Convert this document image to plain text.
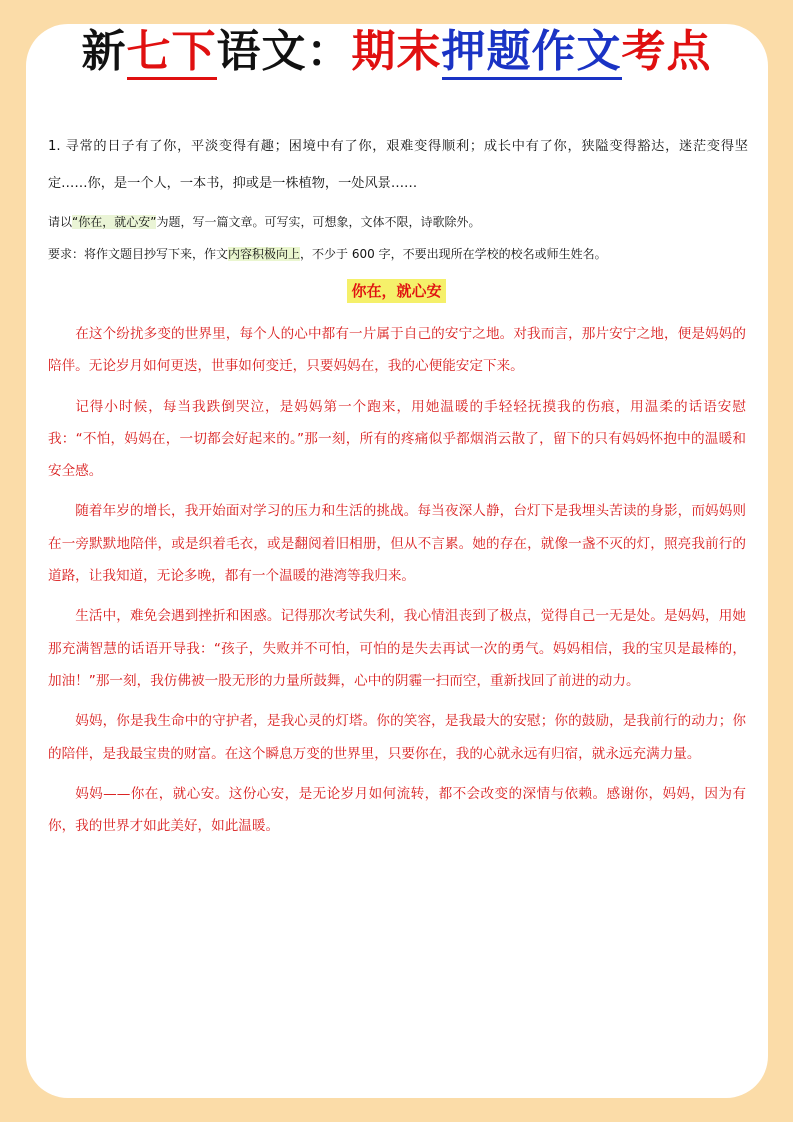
新七下语文：期末押题作文考点
1. 寻常的日子有了你，平淡变得有趣；困境中有了你，艰难变得顺利；成长中有了你，狭隘变得豁达，迷茫变得坚定……你，是一个人，一本书，抑或是一株植物，一处风景……
请以“你在，就心安”为题，写一篇文章。可写实，可想象，文体不限，诗歌除外。
要求：将作文题目抄写下来，作文内容积极向上，不少于 600 字，不要出现所在学校的校名或师生姓名。
你在，就心安

在这个纷扰多变的世界里，每个人的心中都有一片属于自己的安宁之地。对我而言，那片安宁之地，便是妈妈的陪伴。无论岁月如何更迭，世事如何变迁，只要妈妈在，我的心便能安定下来。

记得小时候，每当我跌倒哭泣，是妈妈第一个跑来，用她温暖的手轻轻抚摸我的伤痕，用温柔的话语安慰我：“不怕，妈妈在，一切都会好起来的。”那一刻，所有的疼痛似乎都烟消云散了，留下的只有妈妈怀抱中的温暖和安全感。

随着年岁的增长，我开始面对学习的压力和生活的挑战。每当夜深人静，台灯下是我埋头苦读的身影，而妈妈则在一旁默默地陪伴，或是织着毛衣，或是翻阅着旧相册，但从不言累。她的存在，就像一盏不灭的灯，照亮我前行的道路，让我知道，无论多晚，都有一个温暖的港湾等我归来。

生活中，难免会遇到挫折和困惑。记得那次考试失利，我心情沮丧到了极点，觉得自己一无是处。是妈妈，用她那充满智慧的话语开导我：“孩子，失败并不可怕，可怕的是失去再试一次的勇气。妈妈相信，我的宝贝是最棒的，加油！”那一刻，我仿佛被一股无形的力量所鼓舞，心中的阴霾一扫而空，重新找回了前进的动力。

妈妈，你是我生命中的守护者，是我心灵的灯塔。你的笑容，是我最大的安慰；你的鼓励，是我前行的动力；你的陪伴，是我最宝贵的财富。在这个瞬息万变的世界里，只要你在，我的心就永远有归宿，就永远充满力量。

妈妈——你在，就心安。这份心安，是无论岁月如何流转，都不会改变的深情与依赖。感谢你，妈妈，因为有你，我的世界才如此美好，如此温暖。
